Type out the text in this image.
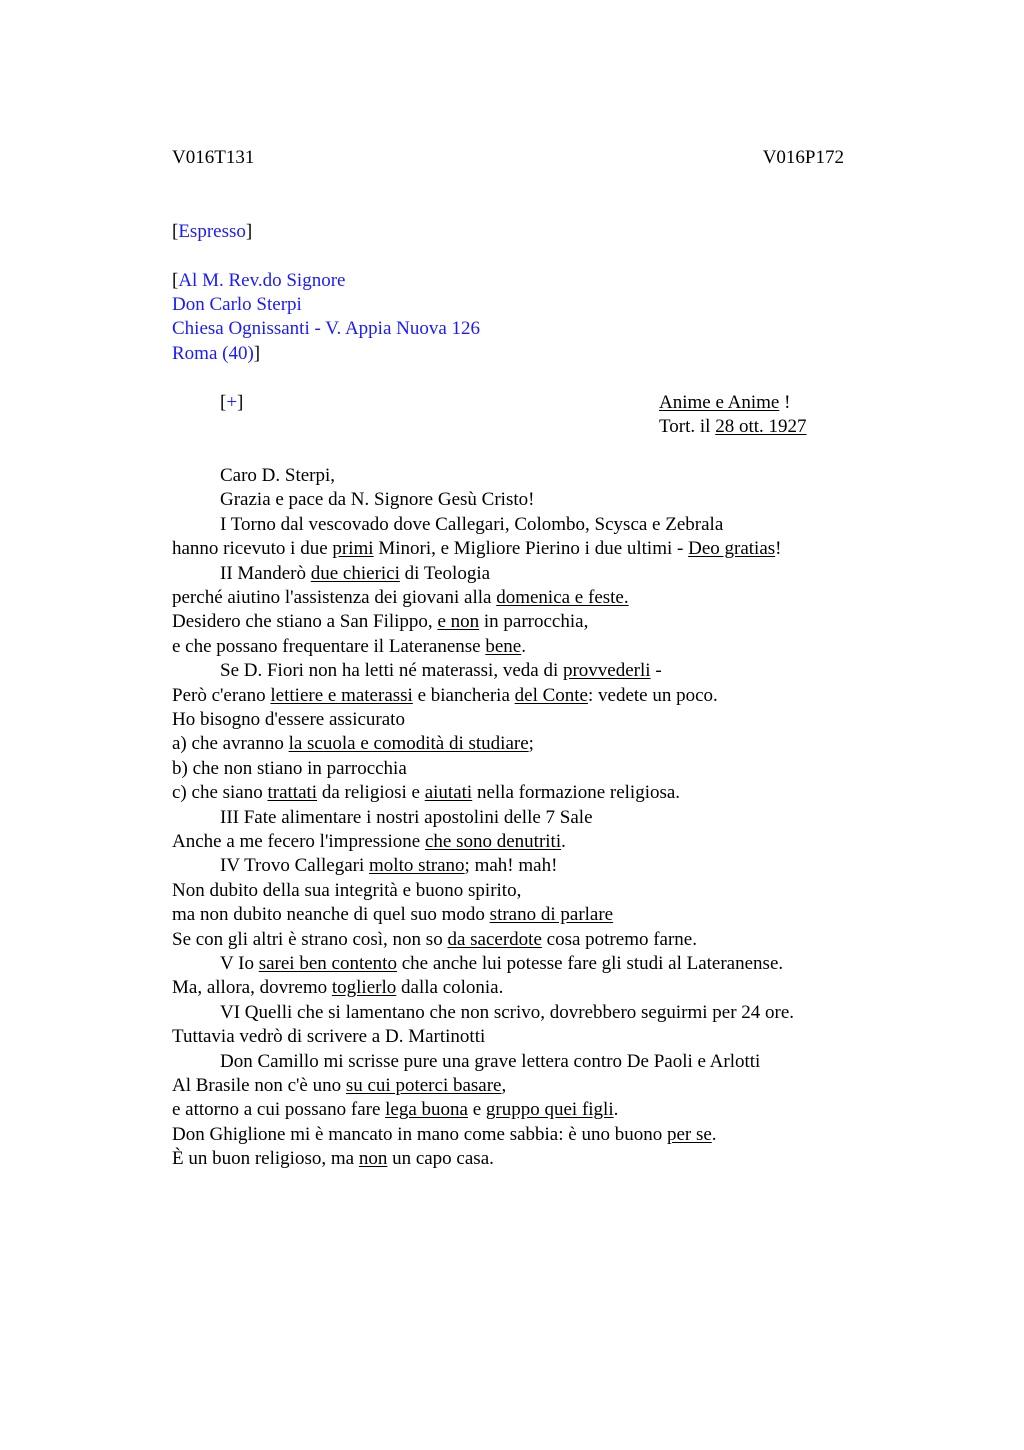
V016T131	V016P172
[Espresso]
[Al M. Rev.do Signore
Don Carlo Sterpi
Chiesa Ognissanti - V. Appia Nuova 126
Roma (40)]
[+]	Anime e Anime !
Tort. il 28 ott. 1927
Caro D. Sterpi,
Grazia e pace da N. Signore Gesù Cristo!
I Torno dal vescovado dove Callegari, Colombo, Scysca e Zebrala
hanno ricevuto i due primi Minori, e Migliore Pierino i due ultimi - Deo gratias!
II Manderò due chierici di Teologia
perché aiutino l'assistenza dei giovani alla domenica e feste.
Desidero che stiano a San Filippo, e non in parrocchia,
e che possano frequentare il Lateranense bene.
Se D. Fiori non ha letti né materassi, veda di provvederli -
Però c'erano lettiere e materassi e biancheria del Conte: vedete un poco.
Ho bisogno d'essere assicurato
a) che avranno la scuola e comodità di studiare;
b) che non stiano in parrocchia
c) che siano trattati da religiosi e aiutati nella formazione religiosa.
III Fate alimentare i nostri apostolini delle 7 Sale
Anche a me fecero l'impressione che sono denutriti.
IV Trovo Callegari molto strano; mah! mah!
Non dubito della sua integrità e buono spirito,
ma non dubito neanche di quel suo modo strano di parlare
Se con gli altri è strano così, non so da sacerdote cosa potremo farne.
V Io sarei ben contento che anche lui potesse fare gli studi al Lateranense.
Ma, allora, dovremo toglierlo dalla colonia.
VI Quelli che si lamentano che non scrivo, dovrebbero seguirmi per 24 ore.
Tuttavia vedrò di scrivere a D. Martinotti
Don Camillo mi scrisse pure una grave lettera contro De Paoli e Arlotti
Al Brasile non c'è uno su cui poterci basare,
e attorno a cui possano fare lega buona e gruppo quei figli.
Don Ghiglione mi è mancato in mano come sabbia: è uno buono per se.
È un buon religioso, ma non un capo casa.
